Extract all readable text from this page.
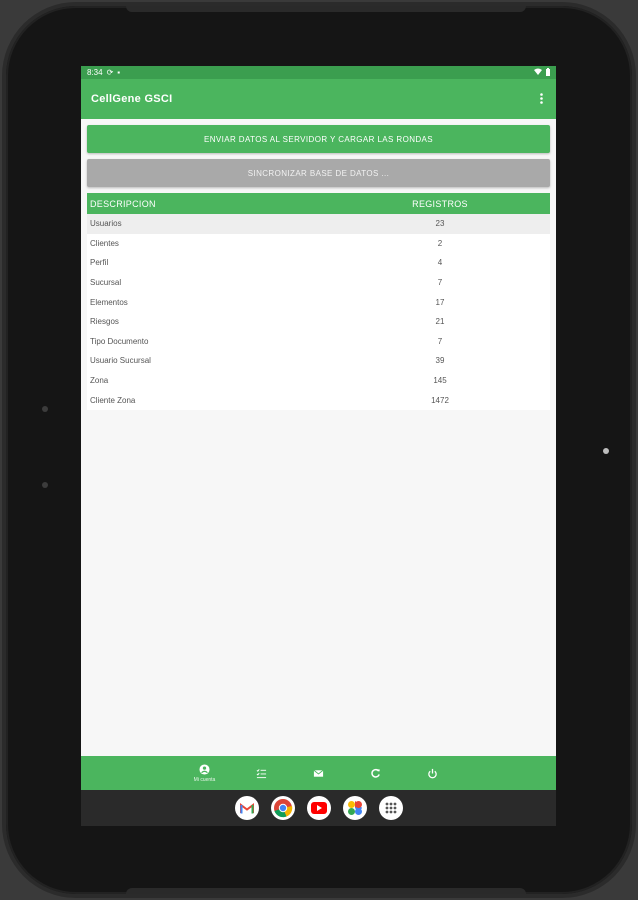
8:34 ⟳ ▪
CellGene GSCI
ENVIAR DATOS AL SERVIDOR Y CARGAR LAS RONDAS
SINCRONIZAR BASE DE DATOS ...
DESCRIPCION	REGISTROS
Usuarios	23
Clientes	2
Perfil	4
Sucursal	7
Elementos	17
Riesgos	21
Tipo Documento	7
Usuario Sucursal	39
Zona	145
Cliente Zona	1472
Mi cuenta
